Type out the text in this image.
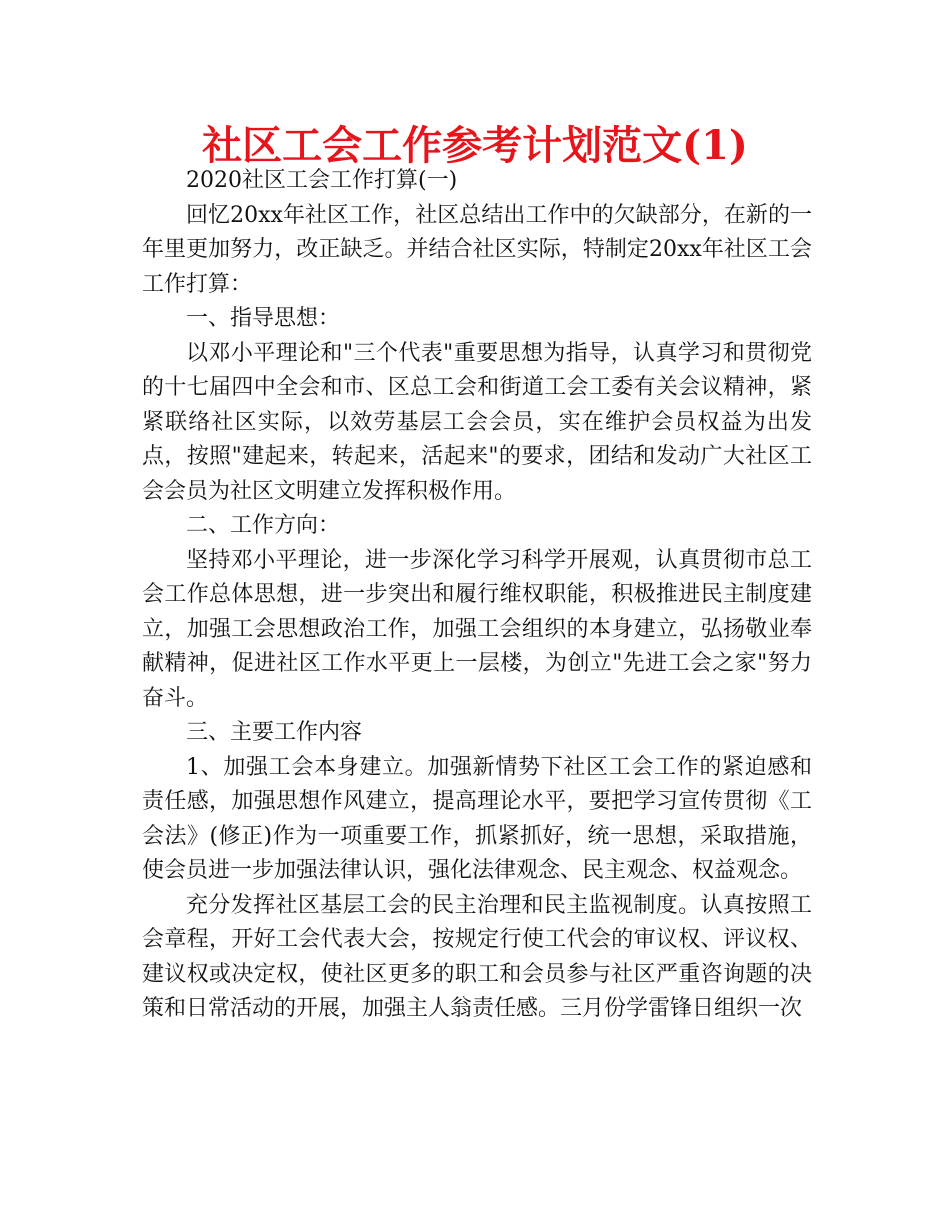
社区工会工作参考计划范文(1)

2020社区工会工作打算(一)

回忆20xx年社区工作，社区总结出工作中的欠缺部分，在新的一年里更加努力，改正缺乏。并结合社区实际，特制定20xx年社区工会工作打算：

一、指导思想：

以邓小平理论和"三个代表"重要思想为指导，认真学习和贯彻党的十七届四中全会和市、区总工会和街道工会工委有关会议精神，紧紧联络社区实际，以效劳基层工会会员，实在维护会员权益为出发点，按照"建起来，转起来，活起来"的要求，团结和发动广大社区工会会员为社区文明建立发挥积极作用。

二、工作方向：

坚持邓小平理论，进一步深化学习科学开展观，认真贯彻市总工会工作总体思想，进一步突出和履行维权职能，积极推进民主制度建立，加强工会思想政治工作，加强工会组织的本身建立，弘扬敬业奉献精神，促进社区工作水平更上一层楼，为创立"先进工会之家"努力奋斗。

三、主要工作内容

1、加强工会本身建立。加强新情势下社区工会工作的紧迫感和责任感，加强思想作风建立，提高理论水平，要把学习宣传贯彻《工会法》(修正)作为一项重要工作，抓紧抓好，统一思想，采取措施，使会员进一步加强法律认识，强化法律观念、民主观念、权益观念。

充分发挥社区基层工会的民主治理和民主监视制度。认真按照工会章程，开好工会代表大会，按规定行使工代会的审议权、评议权、建议权或决定权，使社区更多的职工和会员参与社区严重咨询题的决策和日常活动的开展，加强主人翁责任感。三月份学雷锋日组织一次
